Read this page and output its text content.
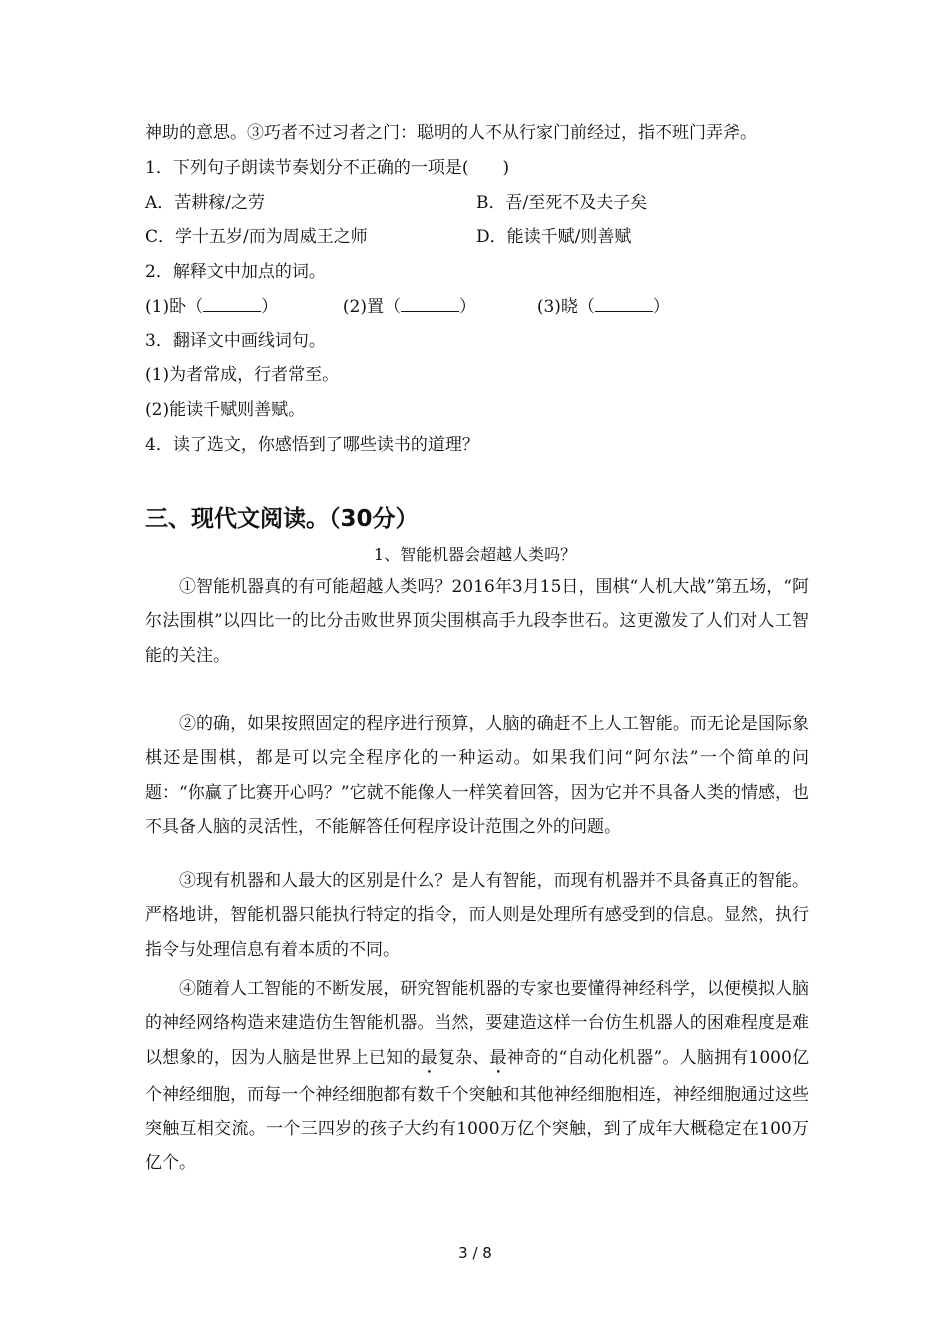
神助的意思。③巧者不过习者之门：聪明的人不从行家门前经过，指不班门弄斧。
1．下列句子朗读节奏划分不正确的一项是(　　)
A．苦耕稼/之劳	B．吾/至死不及夫子矣
C．学十五岁/而为周威王之师	D．能读千赋/则善赋
2．解释文中加点的词。
(1)卧（	）	(2)置（	）	(3)晓（	）
3．翻译文中画线词句。
(1)为者常成，行者常至。
(2)能读千赋则善赋。
4．读了选文，你感悟到了哪些读书的道理？
三、现代文阅读。（30分）
1、智能机器会超越人类吗？

①智能机器真的有可能超越人类吗？2016年3月15日，围棋“人机大战”第五场，“阿尔法围棋”以四比一的比分击败世界顶尖围棋高手九段李世石。这更激发了人们对人工智能的关注。

②的确，如果按照固定的程序进行预算，人脑的确赶不上人工智能。而无论是国际象棋还是围棋，都是可以完全程序化的一种运动。如果我们问“阿尔法”一个简单的问题：“你赢了比赛开心吗？”它就不能像人一样笑着回答，因为它并不具备人类的情感，也不具备人脑的灵活性，不能解答任何程序设计范围之外的问题。

③现有机器和人最大的区别是什么？是人有智能，而现有机器并不具备真正的智能。严格地讲，智能机器只能执行特定的指令，而人则是处理所有感受到的信息。显然，执行指令与处理信息有着本质的不同。

④随着人工智能的不断发展，研究智能机器的专家也要懂得神经科学，以便模拟人脑的神经网络构造来建造仿生智能机器。当然，要建造这样一台仿生机器人的困难程度是难以想象的，因为人脑是世界上已知的最复杂、最神奇的“自动化机器”。人脑拥有1000亿个神经细胞，而每一个神经细胞都有数千个突触和其他神经细胞相连，神经细胞通过这些突触互相交流。一个三四岁的孩子大约有1000万亿个突触，到了成年大概稳定在100万亿个。

3 / 8
